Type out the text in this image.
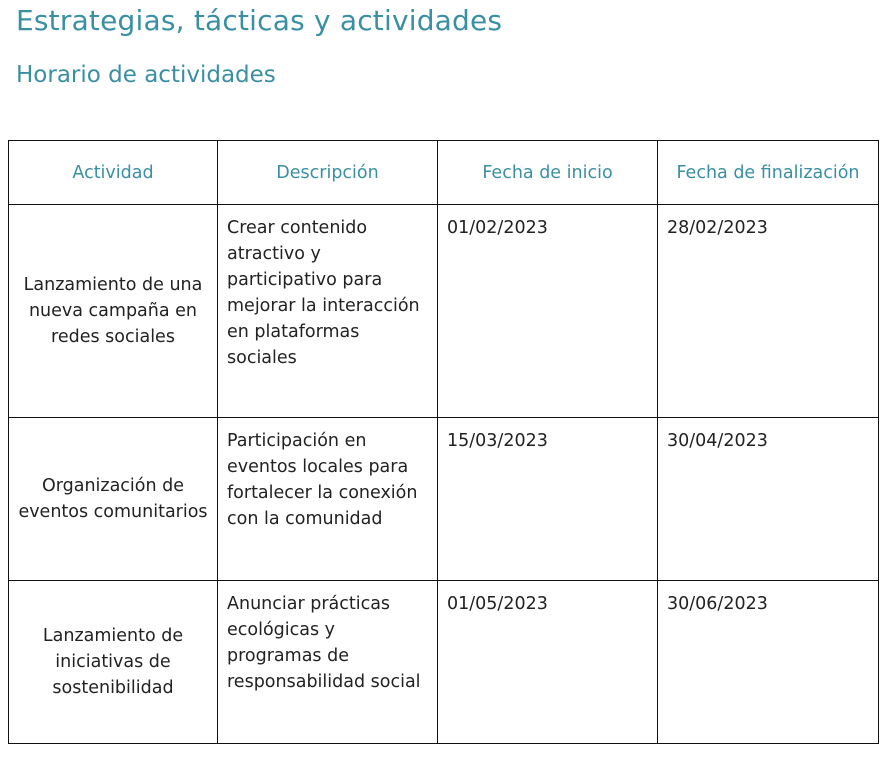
Estrategias, tácticas y actividades
Horario de actividades
Actividad	Descripción	Fecha de inicio	Fecha de finalización
Lanzamiento de una nueva campaña en redes sociales	Crear contenido atractivo y participativo para mejorar la interacción en plataformas sociales	01/02/2023	28/02/2023
Organización de eventos comunitarios	Participación en eventos locales para fortalecer la conexión con la comunidad	15/03/2023	30/04/2023
Lanzamiento de iniciativas de sostenibilidad	Anunciar prácticas ecológicas y programas de responsabilidad social	01/05/2023	30/06/2023
